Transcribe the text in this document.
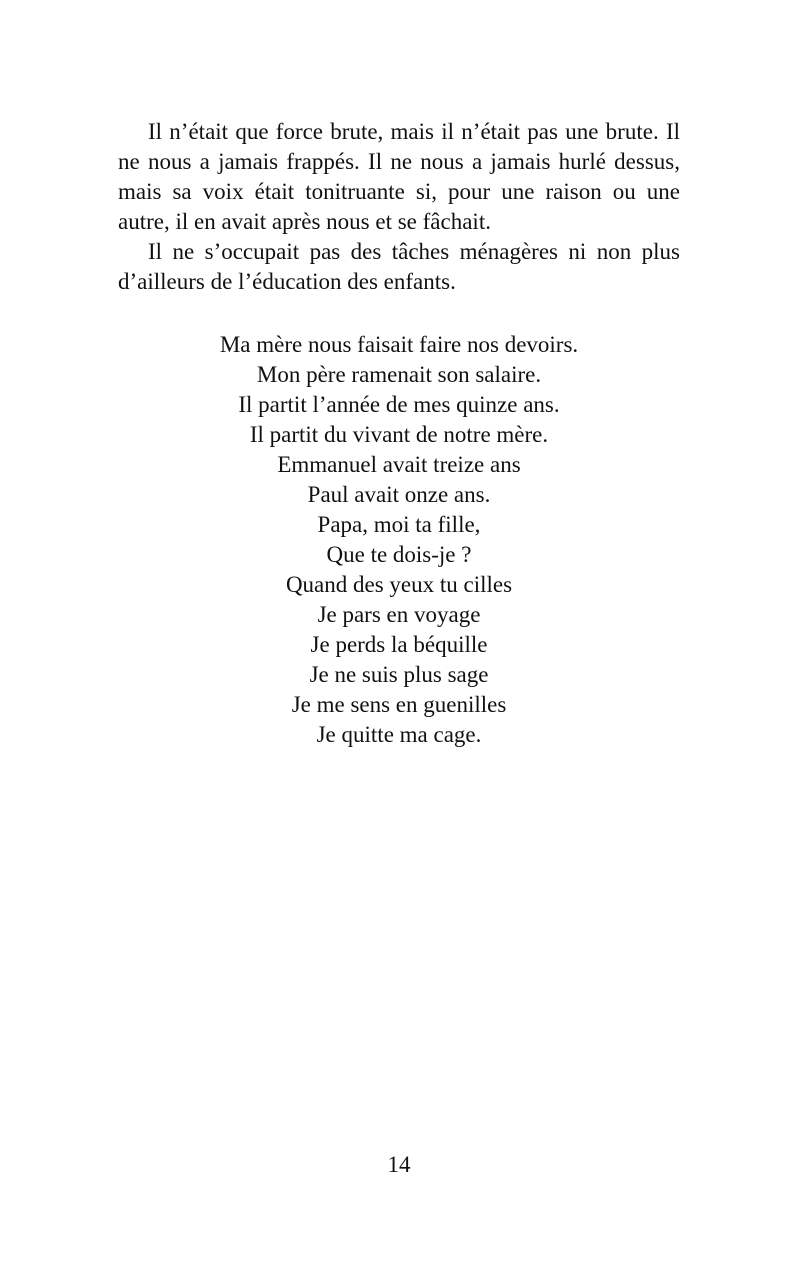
Il n’était que force brute, mais il n’était pas une brute. Il ne nous a jamais frappés. Il ne nous a jamais hurlé dessus, mais sa voix était tonitruante si, pour une raison ou une autre, il en avait après nous et se fâchait.

Il ne s’occupait pas des tâches ménagères ni non plus d’ailleurs de l’éducation des enfants.

Ma mère nous faisait faire nos devoirs.
Mon père ramenait son salaire.
Il partit l’année de mes quinze ans.
Il partit du vivant de notre mère.
Emmanuel avait treize ans
Paul avait onze ans.
Papa, moi ta fille,
Que te dois-je ?
Quand des yeux tu cilles
Je pars en voyage
Je perds la béquille
Je ne suis plus sage
Je me sens en guenilles
Je quitte ma cage.
14
